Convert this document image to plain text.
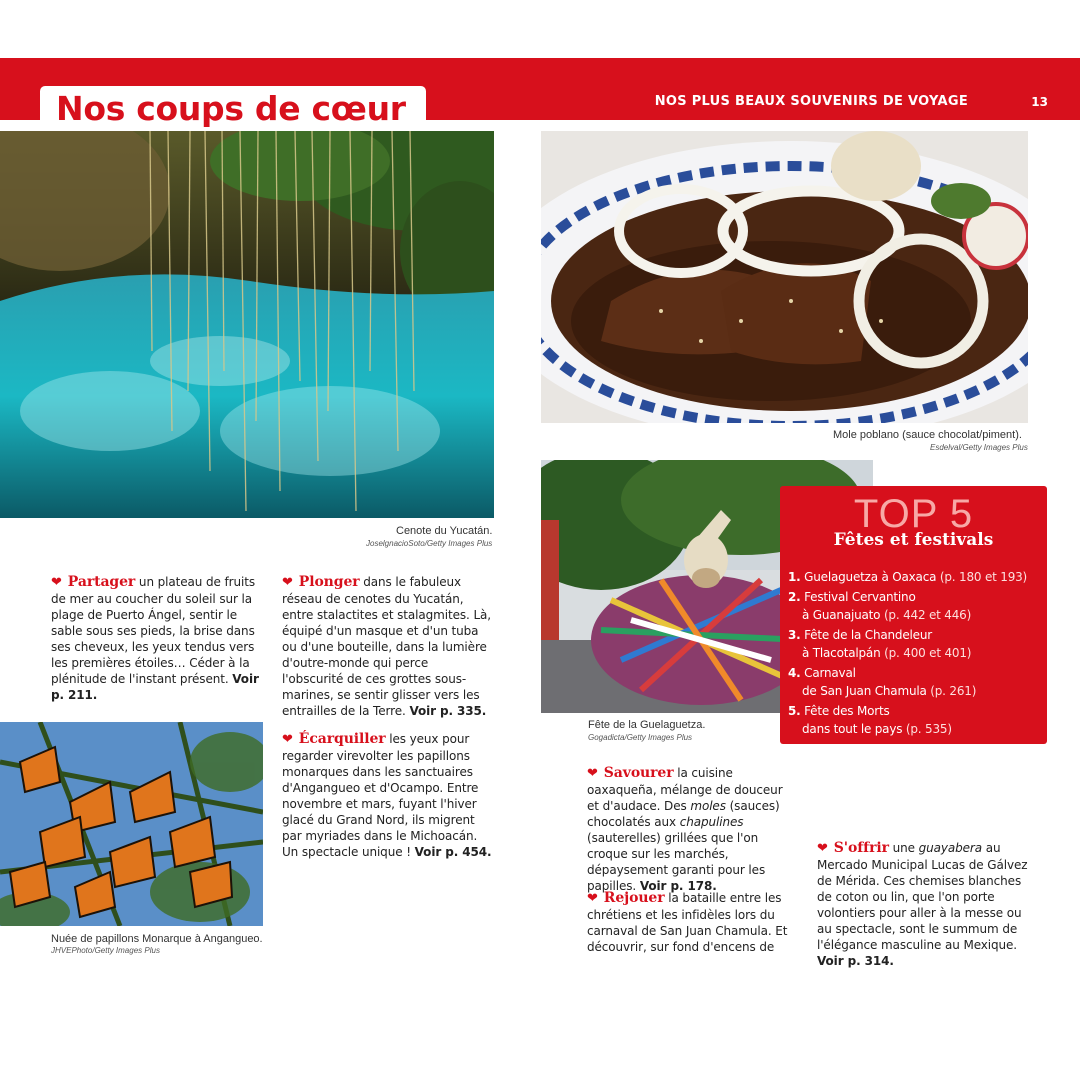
Nos coups de cœur	NOS PLUS BEAUX SOUVENIRS DE VOYAGE	13
Cenote du Yucatán.
JoselgnacioSoto/Getty Images Plus
Mole poblano (sauce chocolat/piment).
Esdelval/Getty Images Plus
Fête de la Guelaguetza.
Gogadicta/Getty Images Plus
Nuée de papillons Monarque à Angangueo.
JHVEPhoto/Getty Images Plus
❤ Partager un plateau de fruits de mer au coucher du soleil sur la plage de Puerto Ángel, sentir le sable sous ses pieds, la brise dans ses cheveux, les yeux tendus vers les premières étoiles… Céder à la plénitude de l'instant présent. Voir p. 211.
❤ Plonger dans le fabuleux réseau de cenotes du Yucatán, entre stalactites et stalagmites. Là, équipé d'un masque et d'un tuba ou d'une bouteille, dans la lumière d'outre-monde qui perce l'obscurité de ces grottes sous-marines, se sentir glisser vers les entrailles de la Terre. Voir p. 335.
❤ Écarquiller les yeux pour regarder virevolter les papillons monarques dans les sanctuaires d'Angangueo et d'Ocampo. Entre novembre et mars, fuyant l'hiver glacé du Grand Nord, ils migrent par myriades dans le Michoacán. Un spectacle unique ! Voir p. 454.
❤ Savourer la cuisine oaxaqueña, mélange de douceur et d'audace. Des moles (sauces) chocolatés aux chapulines (sauterelles) grillées que l'on croque sur les marchés, dépaysement garanti pour les papilles. Voir p. 178.
❤ Rejouer la bataille entre les chrétiens et les infidèles lors du carnaval de San Juan Chamula. Et découvrir, sur fond d'encens de
❤ S'offrir une guayabera au Mercado Municipal Lucas de Gálvez de Mérida. Ces chemises blanches de coton ou lin, que l'on porte volontiers pour aller à la messe ou au spectacle, sont le summum de l'élégance masculine au Mexique. Voir p. 314.
TOP 5
Fêtes et festivals
1. Guelaguetza à Oaxaca (p. 180 et 193)
2. Festival Cervantino
à Guanajuato (p. 442 et 446)
3. Fête de la Chandeleur
à Tlacotalpán (p. 400 et 401)
4. Carnaval
de San Juan Chamula (p. 261)
5. Fête des Morts
dans tout le pays (p. 535)
